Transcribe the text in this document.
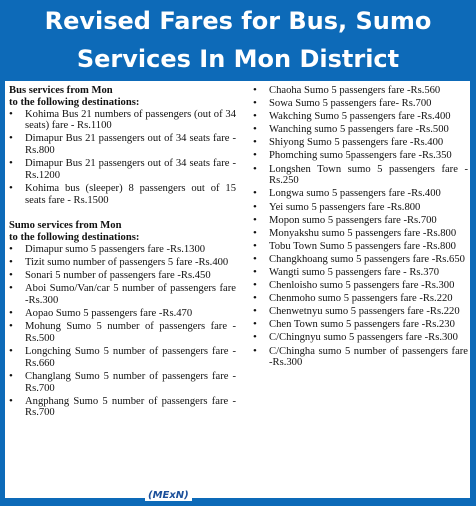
Revised Fares for Bus, Sumo
Services In Mon District
Bus services from Mon
to the following destinations:
• Kohima Bus 21 numbers of passengers (out of 34 seats) fare - Rs.1100
• Dimapur Bus 21 passengers out of 34 seats fare - Rs.800
• Dimapur Bus 21 passengers out of 34 seats fare - Rs.1200
• Kohima bus (sleeper) 8 passengers out of 15 seats fare - Rs.1500
Sumo services from Mon
to the following destinations:
• Dimapur sumo 5 passengers fare -Rs.1300
• Tizit sumo number of passengers 5 fare -Rs.400
• Sonari 5 number of passengers fare -Rs.450
• Aboi Sumo/Van/car 5 number of passengers fare -Rs.300
• Aopao Sumo 5 passengers fare -Rs.470
• Mohung Sumo 5 number of passengers fare -Rs.500
• Longching Sumo 5 number of passengers fare - Rs.660
• Changlang Sumo 5 number of passengers fare -Rs.700
• Angphang Sumo 5 number of passengers fare -Rs.700
• Chaoha Sumo 5 passengers fare -Rs.560
• Sowa Sumo 5 passengers fare- Rs.700
• Wakching Sumo 5 passengers fare -Rs.400
• Wanching sumo 5 passengers fare -Rs.500
• Shiyong Sumo 5 passengers fare -Rs.400
• Phomching sumo 5passengers fare -Rs.350
• Longshen Town sumo 5 passengers fare -Rs.250
• Longwa sumo 5 passengers fare -Rs.400
• Yei sumo 5 passengers fare -Rs.800
• Mopon sumo 5 passengers fare -Rs.700
• Monyakshu sumo 5 passengers fare -Rs.800
• Tobu Town Sumo 5 passengers fare -Rs.800
• Changkhoang sumo 5 passengers fare -Rs.650
• Wangti sumo 5 passengers fare - Rs.370
• Chenloisho sumo 5 passengers fare -Rs.300
• Chenmoho sumo 5 passengers fare -Rs.220
• Chenwetnyu sumo 5 passengers fare -Rs.220
• Chen Town sumo 5 passengers fare -Rs.230
• C/Chingnyu sumo 5 passengers fare -Rs.300
• C/Chingha sumo 5 number of passengers fare -Rs.300
(MExN)
